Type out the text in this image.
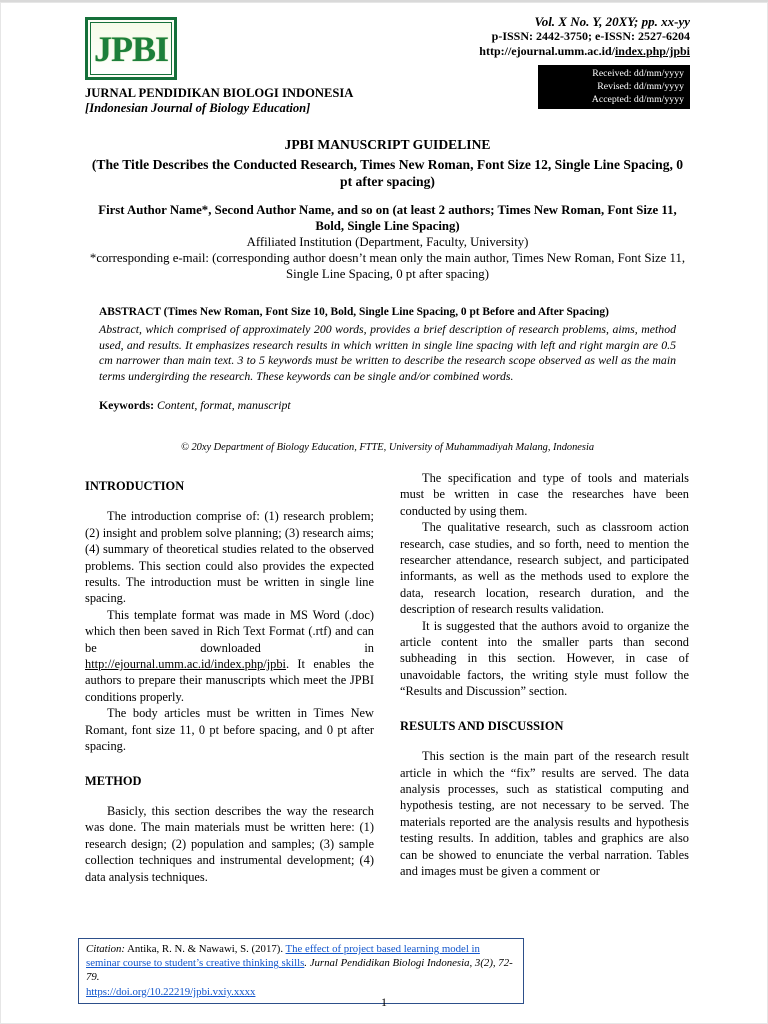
JPBI
Vol. X No. Y, 20XY; pp. xx-yy
p-ISSN: 2442-3750; e-ISSN: 2527-6204
http://ejournal.umm.ac.id/index.php/jpbi
Received: dd/mm/yyyy
Revised: dd/mm/yyyy
Accepted: dd/mm/yyyy
JURNAL PENDIDIKAN BIOLOGI INDONESIA
[Indonesian Journal of Biology Education]
JPBI MANUSCRIPT GUIDELINE
(The Title Describes the Conducted Research, Times New Roman, Font Size 12, Single Line Spacing, 0 pt after spacing)
First Author Name*, Second Author Name, and so on (at least 2 authors; Times New Roman, Font Size 11, Bold, Single Line Spacing)
Affiliated Institution (Department, Faculty, University)
*corresponding e-mail: (corresponding author doesn’t mean only the main author, Times New Roman, Font Size 11, Single Line Spacing, 0 pt after spacing)
ABSTRACT (Times New Roman, Font Size 10, Bold, Single Line Spacing, 0 pt Before and After Spacing)

Abstract, which comprised of approximately 200 words, provides a brief description of research problems, aims, method used, and results. It emphasizes research results in which written in single line spacing with left and right margin are 0.5 cm narrower than main text. 3 to 5 keywords must be written to describe the research scope observed as well as the main terms undergirding the research. These keywords can be single and/or combined words.

Keywords: Content, format, manuscript

© 20xy Department of Biology Education, FTTE, University of Muhammadiyah Malang, Indonesia
INTRODUCTION

The introduction comprise of: (1) research problem; (2) insight and problem solve planning; (3) research aims; (4) summary of theoretical studies related to the observed problems. This section could also provides the expected results. The introduction must be written in single line spacing.

This template format was made in MS Word (.doc) which then been saved in Rich Text Format (.rtf) and can be downloaded in http://ejournal.umm.ac.id/index.php/jpbi. It enables the authors to prepare their manuscripts which meet the JPBI conditions properly.

The body articles must be written in Times New Romant, font size 11, 0 pt before spacing, and 0 pt after spacing.

METHOD

Basicly, this section describes the way the research was done. The main materials must be written here: (1) research design; (2) population and samples; (3) sample collection techniques and instrumental development; (4) data analysis techniques.

The specification and type of tools and materials must be written in case the researches have been conducted by using them.

The qualitative research, such as classroom action research, case studies, and so forth, need to mention the researcher attendance, research subject, and participated informants, as well as the methods used to explore the data, research location, research duration, and the description of research results validation.

It is suggested that the authors avoid to organize the article content into the smaller parts than second subheading in this section. However, in case of unavoidable factors, the writing style must follow the “Results and Discussion” section.

RESULTS AND DISCUSSION

This section is the main part of the research result article in which the “fix” results are served. The data analysis processes, such as statistical computing and hypothesis testing, are not necessary to be served. The materials reported are the analysis results and hypothesis testing results. In addition, tables and graphics are also can be showed to enunciate the verbal narration. Tables and images must be given a comment or

Citation: Antika, R. N. & Nawawi, S. (2017). The effect of project based learning model in seminar course to student’s creative thinking skills. Jurnal Pendidikan Biologi Indonesia, 3(2), 72-79.
https://doi.org/10.22219/jpbi.vxiy.xxxx
1
